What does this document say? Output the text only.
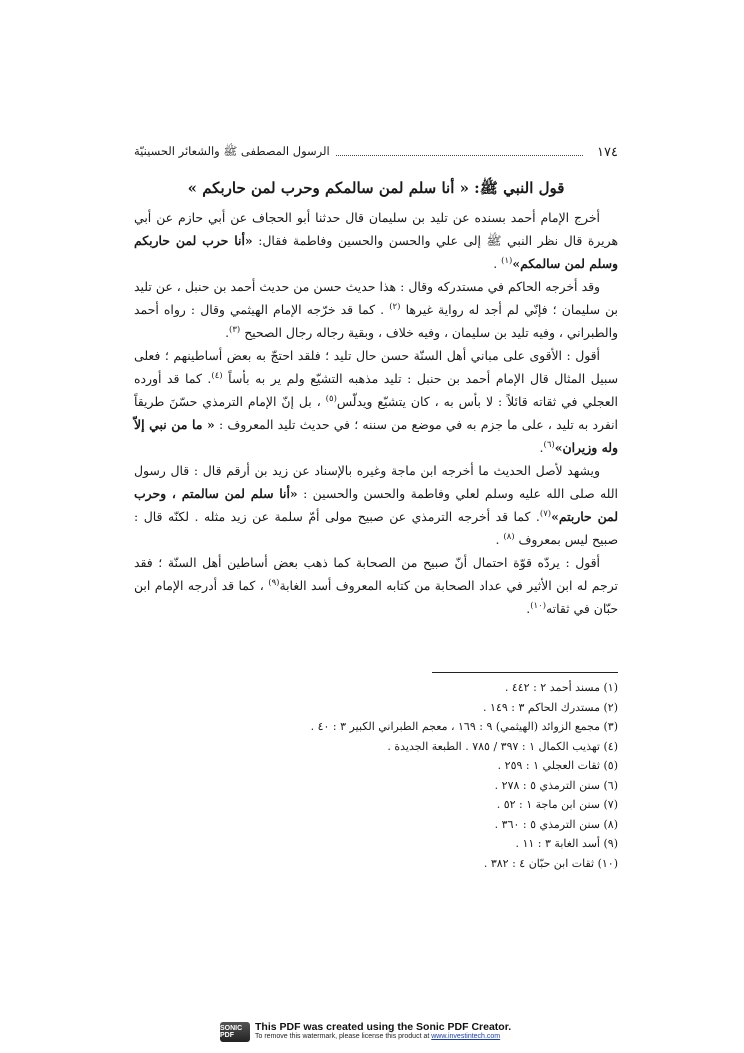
١٧٤
الرسول المصطفى ﷺ والشعائر الحسينيّة

قول النبي ﷺ: « أنا سلم لمن سالمكم وحرب لمن حاربكم »

أخرج الإمام أحمد بسنده عن تليد بن سليمان قال حدثنا أبو الحجاف عن أبي حازم عن أبي هريرة قال نظر النبي ﷺ إلى علي والحسن والحسين وفاطمة فقال: «أنا حرب لمن حاربكم وسلم لمن سالمكم»$^{(١)}$ .

وقد أخرجه الحاكم في مستدركه وقال : هذا حديث حسن من حديث أحمد بن حنبل ، عن تليد بن سليمان ؛ فإنّي لم أجد له رواية غيرها $^{(٢)}$ . كما قد خرّجه الإمام الهيثمي وقال : رواه أحمد والطبراني ، وفيه تليد بن سليمان ، وفيه خلاف ، وبقية رجاله رجال الصحيح $^{(٣)}$.

أقول : الأقوى على مباني أهل السنّة حسن حال تليد ؛ فلقد احتجّ به بعض أساطينهم ؛ فعلى سبيل المثال قال الإمام أحمد بن حنبل : تليد مذهبه التشيّع ولم ير به بأساً $^{(٤)}$. كما قد أورده العجلي في ثقاته قائلاً : لا بأس به ، كان يتشيّع ويدلّس$^{(٥)}$ ، بل إنّ الإمام الترمذي حسّنَ طريقاً انفرد به تليد ، على ما جزم به في موضع من سننه ؛ في حديث تليد المعروف : « ما من نبي إلاّ وله وزيران»$^{(٦)}$.

ويشهد لأصل الحديث ما أخرجه ابن ماجة وغيره بالإسناد عن زيد بن أرقم قال : قال رسول الله صلى الله عليه وسلم لعلي وفاطمة والحسن والحسين : «أنا سلم لمن سالمتم ، وحرب لمن حاربتم»$^{(٧)}$. كما قد أخرجه الترمذي عن صبيح مولى أمّ سلمة عن زيد مثله . لكنّه قال : صبيح ليس بمعروف $^{(٨)}$ .

أقول : يردّه قوّة احتمال أنّ صبيح من الصحابة كما ذهب بعض أساطين أهل السنّة ؛ فقد ترجم له ابن الأثير في عداد الصحابة من كتابه المعروف أسد الغابة$^{(٩)}$ ، كما قد أدرجه الإمام ابن حبّان في ثقاته$^{(١٠)}$.

(١) مسند أحمد ٢ : ٤٤٢ .

(٢) مستدرك الحاكم ٣ : ١٤٩ .

(٣) مجمع الزوائد (الهيثمي) ٩ : ١٦٩ ، معجم الطبراني الكبير ٣ : ٤٠ .

(٤) تهذيب الكمال ١ : ٣٩٧ / ٧٨٥ . الطبعة الجديدة .

(٥) ثقات العجلي ١ : ٢٥٩ .

(٦) سنن الترمذي ٥ : ٢٧٨ .

(٧) سنن ابن ماجة ١ : ٥٢ .

(٨) سنن الترمذي ٥ : ٣٦٠ .

(٩) أسد الغابة ٣ : ١١ .

(١٠) ثقات ابن حبّان ٤ : ٣٨٢ .

SONIC PDF
This PDF was created using the Sonic PDF Creator.
To remove this watermark, please license this product at www.investintech.com
